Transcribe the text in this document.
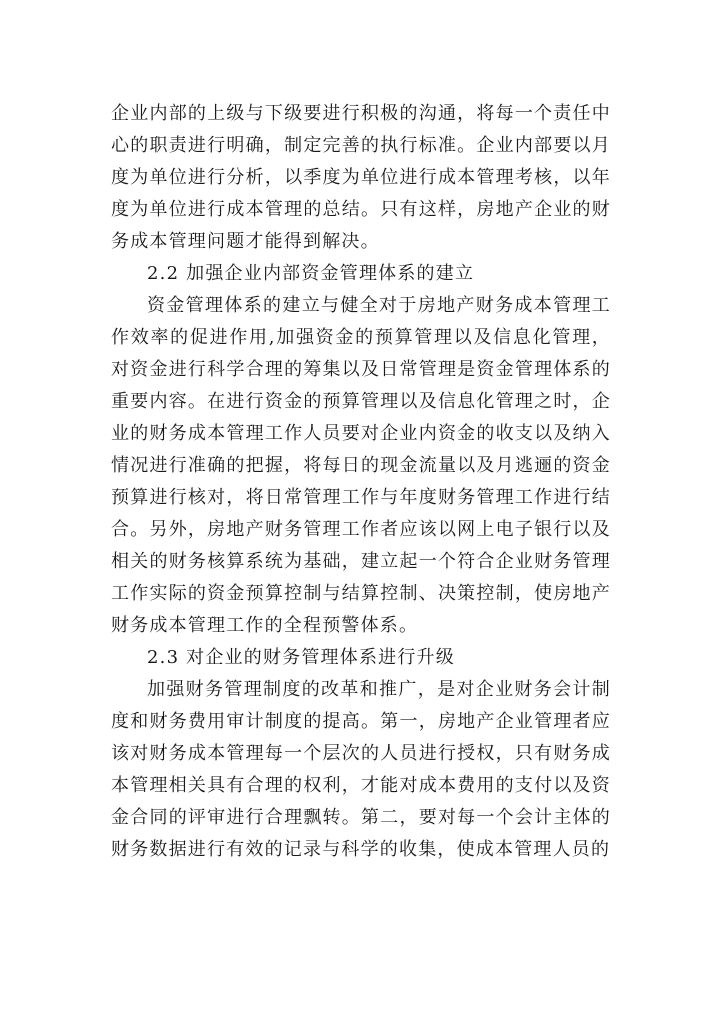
企业内部的上级与下级要进行积极的沟通，将每一个责任中心的职责进行明确，制定完善的执行标准。企业内部要以月度为单位进行分析，以季度为单位进行成本管理考核，以年度为单位进行成本管理的总结。只有这样，房地产企业的财务成本管理问题才能得到解决。

2.2 加强企业内部资金管理体系的建立

资金管理体系的建立与健全对于房地产财务成本管理工作效率的促进作用,加强资金的预算管理以及信息化管理，对资金进行科学合理的筹集以及日常管理是资金管理体系的重要内容。在进行资金的预算管理以及信息化管理之时，企业的财务成本管理工作人员要对企业内资金的收支以及纳入情况进行准确的把握，将每日的现金流量以及月逃逦的资金预算进行核对，将日常管理工作与年度财务管理工作进行结合。另外，房地产财务管理工作者应该以网上电子银行以及相关的财务核算系统为基础，建立起一个符合企业财务管理工作实际的资金预算控制与结算控制、决策控制，使房地产财务成本管理工作的全程预警体系。

2.3 对企业的财务管理体系进行升级

加强财务管理制度的改革和推广，是对企业财务会计制度和财务费用审计制度的提高。第一，房地产企业管理者应该对财务成本管理每一个层次的人员进行授权，只有财务成本管理相关具有合理的权利，才能对成本费用的支付以及资金合同的评审进行合理飘转。第二，要对每一个会计主体的财务数据进行有效的记录与科学的收集，使成本管理人员的
